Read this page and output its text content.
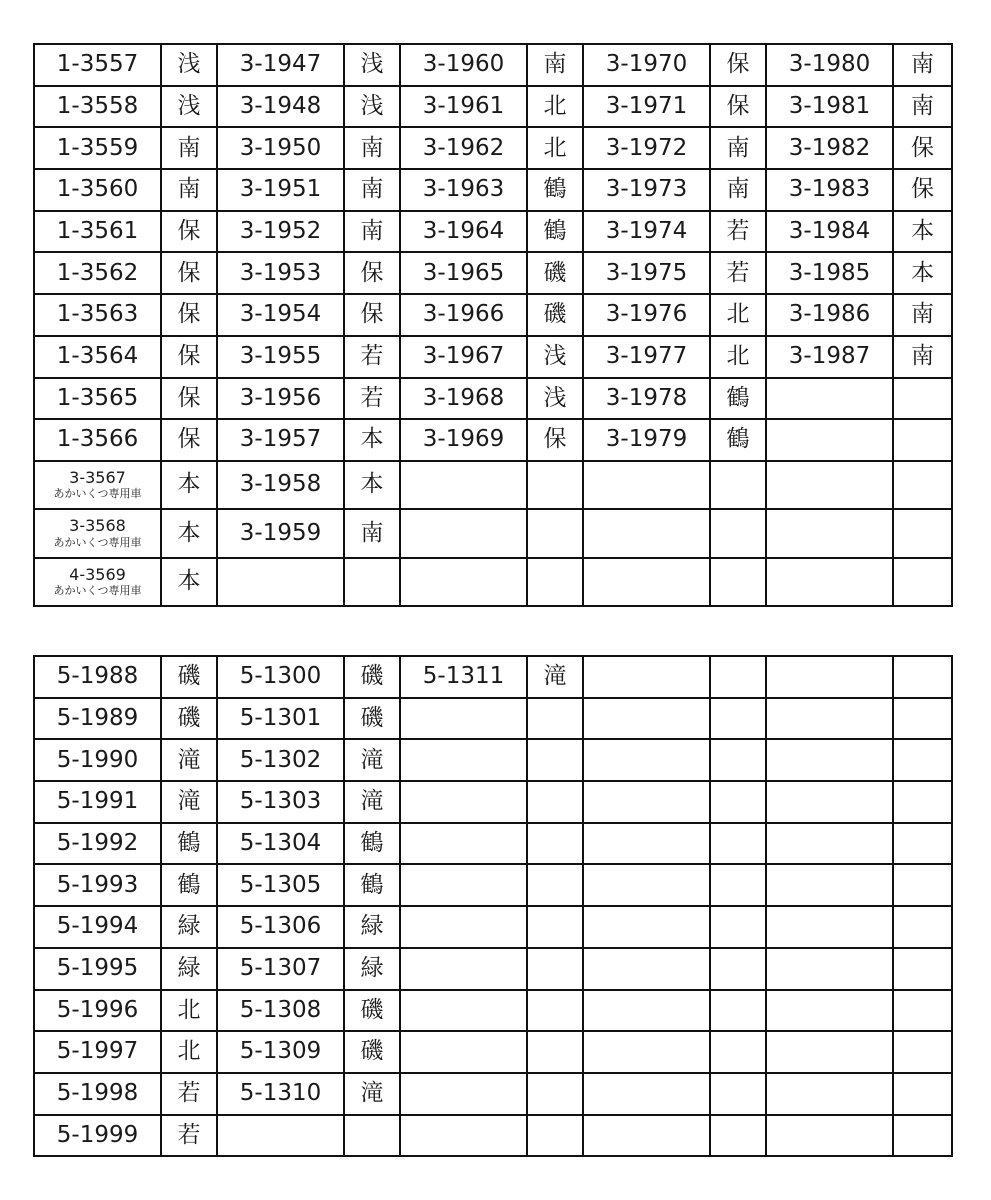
1-3557	浅	3-1947	浅	3-1960	南	3-1970	保	3-1980	南

1-3558	浅	3-1948	浅	3-1961	北	3-1971	保	3-1981	南

1-3559	南	3-1950	南	3-1962	北	3-1972	南	3-1982	保

1-3560	南	3-1951	南	3-1963	鶴	3-1973	南	3-1983	保

1-3561	保	3-1952	南	3-1964	鶴	3-1974	若	3-1984	本

1-3562	保	3-1953	保	3-1965	磯	3-1975	若	3-1985	本

1-3563	保	3-1954	保	3-1966	磯	3-1976	北	3-1986	南

1-3564	保	3-1955	若	3-1967	浅	3-1977	北	3-1987	南

1-3565	保	3-1956	若	3-1968	浅	3-1978	鶴		

1-3566	保	3-1957	本	3-1969	保	3-1979	鶴		

3-3567
あかいくつ専用車	本	3-1958	本						

3-3568
あかいくつ専用車	本	3-1959	南						

4-3569
あかいくつ専用車	本								

5-1988	磯	5-1300	磯	5-1311	滝				

5-1989	磯	5-1301	磯						

5-1990	滝	5-1302	滝						

5-1991	滝	5-1303	滝						

5-1992	鶴	5-1304	鶴						

5-1993	鶴	5-1305	鶴						

5-1994	緑	5-1306	緑						

5-1995	緑	5-1307	緑						

5-1996	北	5-1308	磯						

5-1997	北	5-1309	磯						

5-1998	若	5-1310	滝						

5-1999	若								
